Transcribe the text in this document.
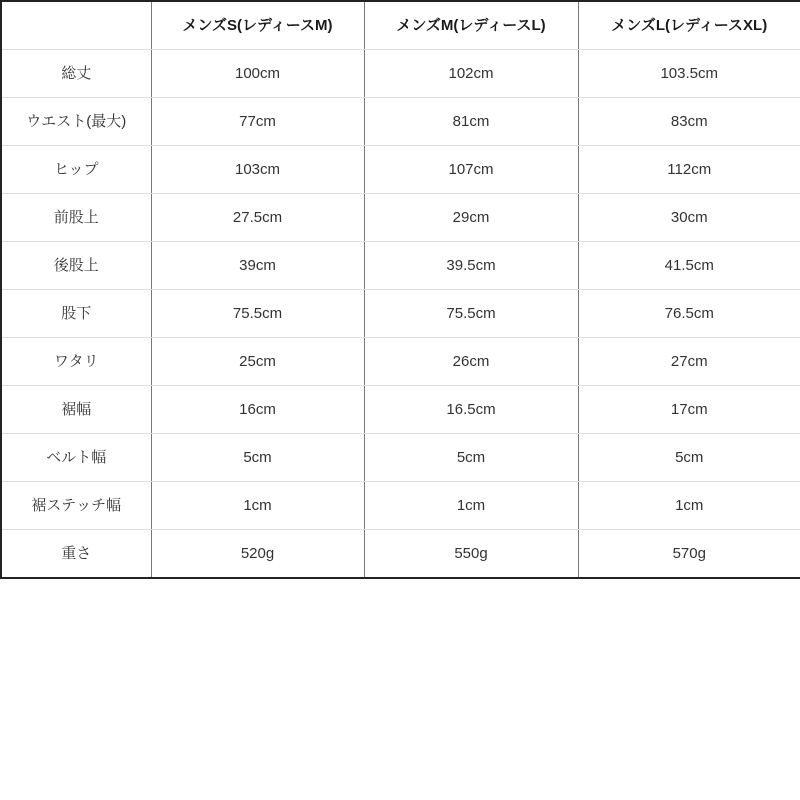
	メンズS(レディースM)	メンズM(レディースL)	メンズL(レディースXL)
総丈	100cm	102cm	103.5cm
ウエスト(最大)	77cm	81cm	83cm
ヒップ	103cm	107cm	112cm
前股上	27.5cm	29cm	30cm
後股上	39cm	39.5cm	41.5cm
股下	75.5cm	75.5cm	76.5cm
ワタリ	25cm	26cm	27cm
裾幅	16cm	16.5cm	17cm
ベルト幅	5cm	5cm	5cm
裾ステッチ幅	1cm	1cm	1cm
重さ	520g	550g	570g
